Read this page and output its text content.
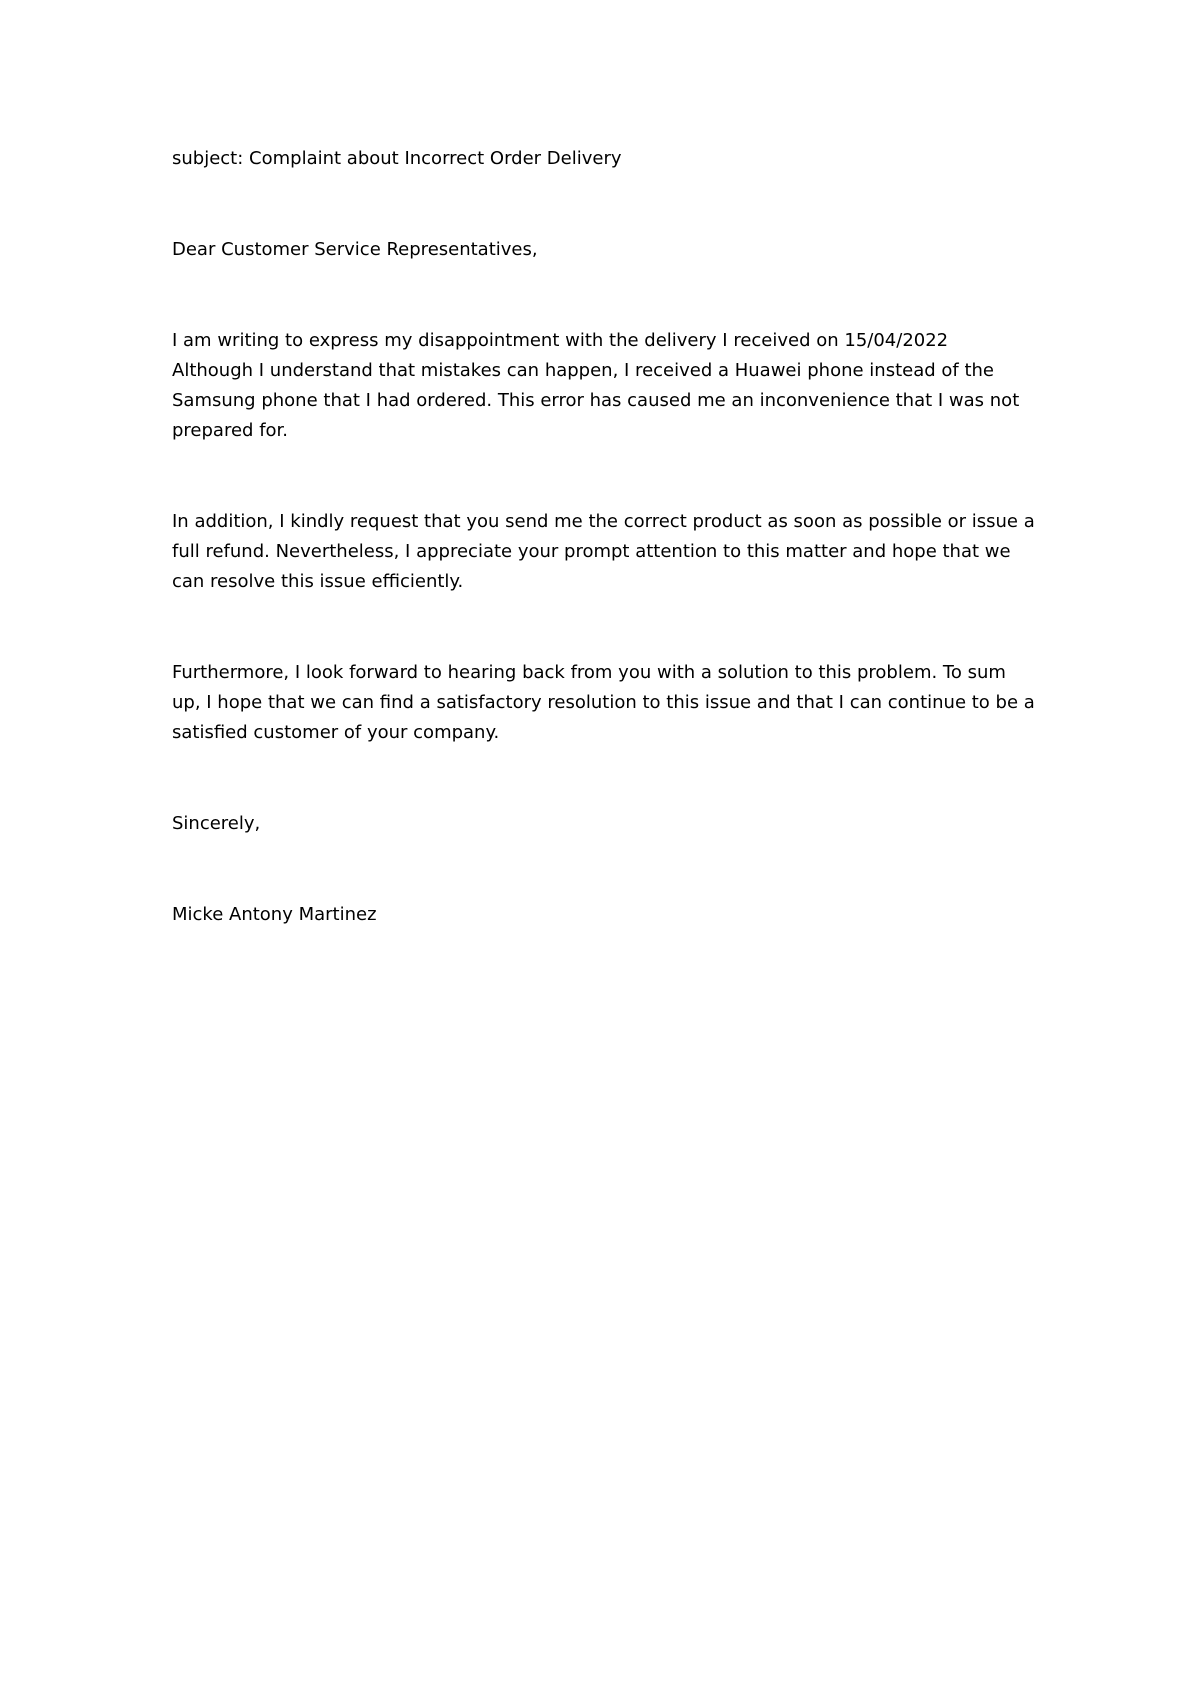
subject: Complaint about Incorrect Order Delivery

Dear Customer Service Representatives,

I am writing to express my disappointment with the delivery I received on 15/04/2022
Although I understand that mistakes can happen, I received a Huawei phone instead of the
Samsung phone that I had ordered. This error has caused me an inconvenience that I was not
prepared for.

In addition, I kindly request that you send me the correct product as soon as possible or issue a
full refund. Nevertheless, I appreciate your prompt attention to this matter and hope that we
can resolve this issue efficiently.

Furthermore, I look forward to hearing back from you with a solution to this problem. To sum
up, I hope that we can find a satisfactory resolution to this issue and that I can continue to be a
satisfied customer of your company.

Sincerely,

Micke Antony Martinez
